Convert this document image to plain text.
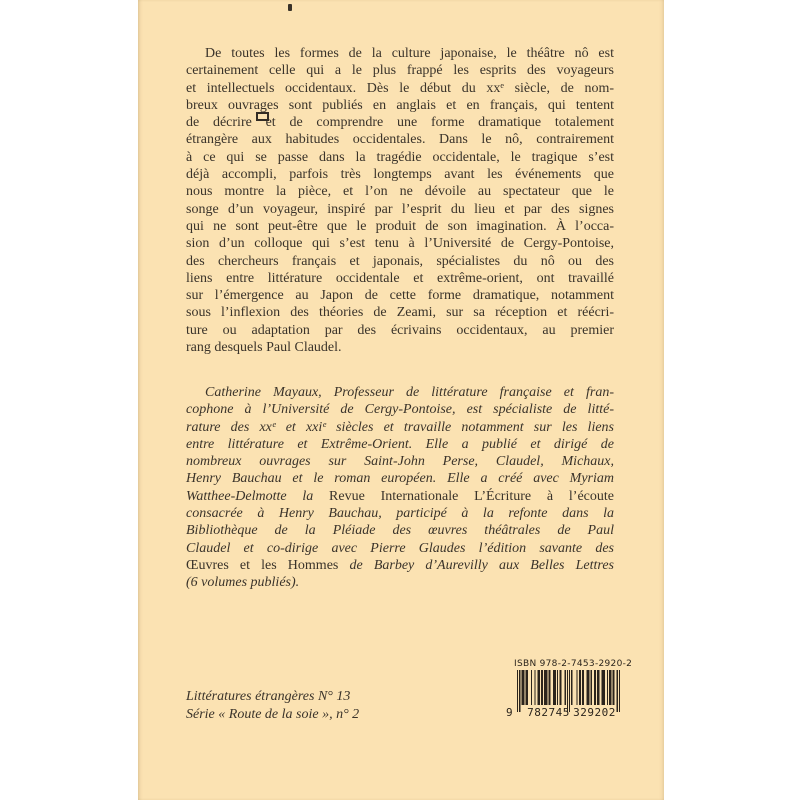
De toutes les formes de la culture japonaise, le théâtre nô est
certainement celle qui a le plus frappé les esprits des voyageurs
et intellectuels occidentaux. Dès le début du xxᵉ siècle, de nom-
breux ouvrages sont publiés en anglais et en français, qui tentent
de décrire et de comprendre une forme dramatique totalement
étrangère aux habitudes occidentales. Dans le nô, contrairement
à ce qui se passe dans la tragédie occidentale, le tragique s’est
déjà accompli, parfois très longtemps avant les événements que
nous montre la pièce, et l’on ne dévoile au spectateur que le
songe d’un voyageur, inspiré par l’esprit du lieu et par des signes
qui ne sont peut-être que le produit de son imagination. À l’occa-
sion d’un colloque qui s’est tenu à l’Université de Cergy-Pontoise,
des chercheurs français et japonais, spécialistes du nô ou des
liens entre littérature occidentale et extrême-orient, ont travaillé
sur l’émergence au Japon de cette forme dramatique, notamment
sous l’inflexion des théories de Zeami, sur sa réception et réécri-
ture ou adaptation par des écrivains occidentaux, au premier
rang desquels Paul Claudel.
Catherine Mayaux, Professeur de littérature française et fran-
cophone à l’Université de Cergy-Pontoise, est spécialiste de litté-
rature des xxᵉ et xxiᵉ siècles et travaille notamment sur les liens
entre littérature et Extrême-Orient. Elle a publié et dirigé de
nombreux ouvrages sur Saint-John Perse, Claudel, Michaux,
Henry Bauchau et le roman européen. Elle a créé avec Myriam
Watthee-Delmotte la Revue Internationale L’Écriture à l’écoute
consacrée à Henry Bauchau, participé à la refonte dans la
Bibliothèque de la Pléiade des œuvres théâtrales de Paul
Claudel et co-dirige avec Pierre Glaudes l’édition savante des
Œuvres et les Hommes de Barbey d’Aurevilly aux Belles Lettres
(6 volumes publiés).
Littératures étrangères N° 13
Série « Route de la soie », n° 2
ISBN 978-2-7453-2920-2
9	782745 329202
